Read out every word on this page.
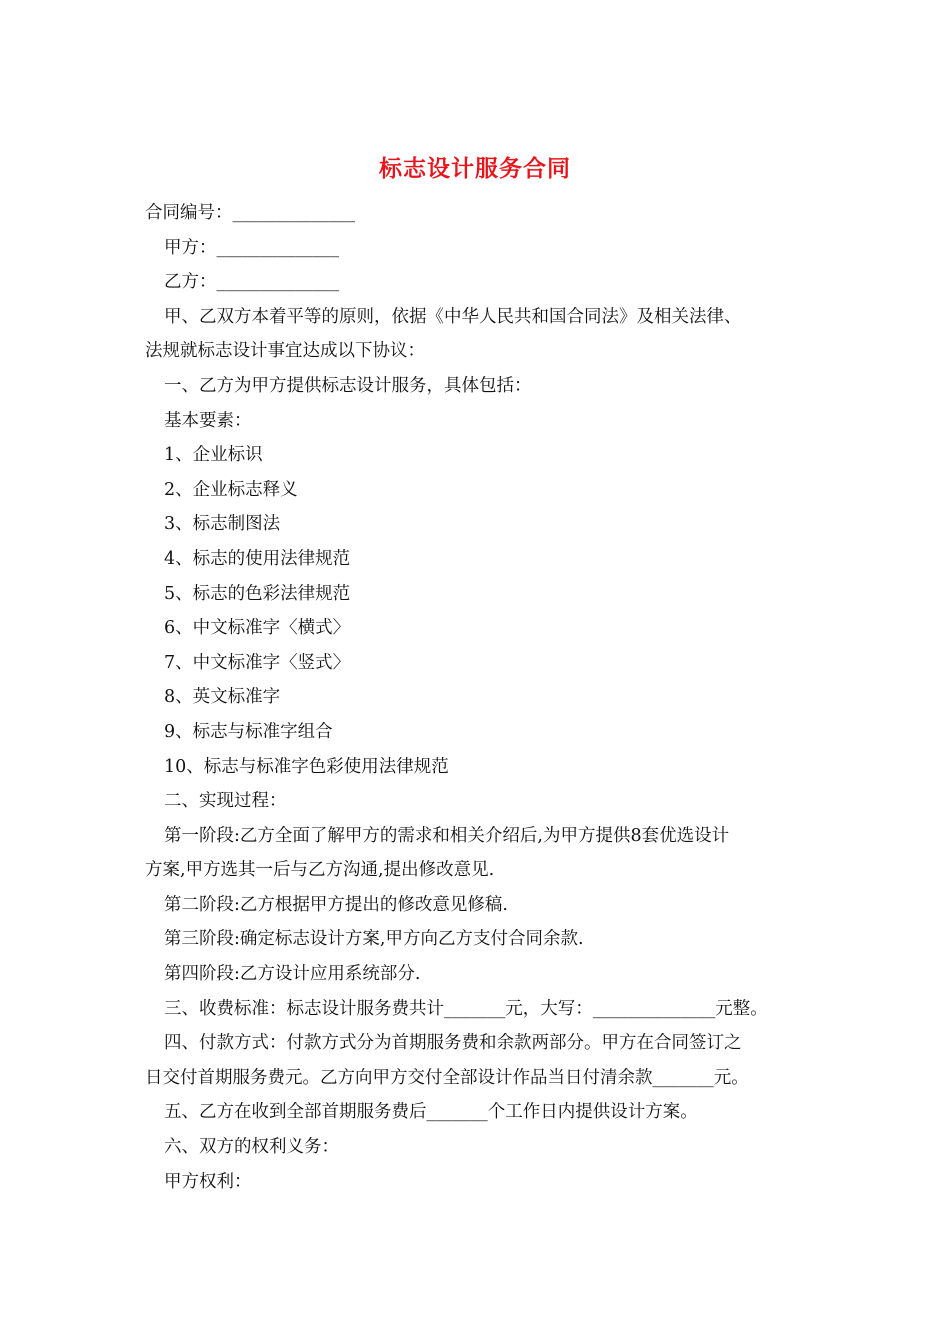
标志设计服务合同

合同编号：______________

甲方：______________

乙方：______________

甲、乙双方本着平等的原则，依据《中华人民共和国合同法》及相关法律、

法规就标志设计事宜达成以下协议：

一、乙方为甲方提供标志设计服务，具体包括：

基本要素：

1、企业标识

2、企业标志释义

3、标志制图法

4、标志的使用法律规范

5、标志的色彩法律规范

6、中文标准字〈横式〉

7、中文标准字〈竖式〉

8、英文标准字

9、标志与标准字组合

10、标志与标准字色彩使用法律规范

二、实现过程：

第一阶段:乙方全面了解甲方的需求和相关介绍后,为甲方提供8套优选设计

方案,甲方选其一后与乙方沟通,提出修改意见.

第二阶段:乙方根据甲方提出的修改意见修稿.

第三阶段:确定标志设计方案,甲方向乙方支付合同余款.

第四阶段:乙方设计应用系统部分.

三、收费标准：标志设计服务费共计_______元，大写：______________元整。

四、付款方式：付款方式分为首期服务费和余款两部分。甲方在合同签订之

日交付首期服务费元。乙方向甲方交付全部设计作品当日付清余款_______元。

五、乙方在收到全部首期服务费后_______个工作日内提供设计方案。

六、双方的权利义务：

甲方权利：
